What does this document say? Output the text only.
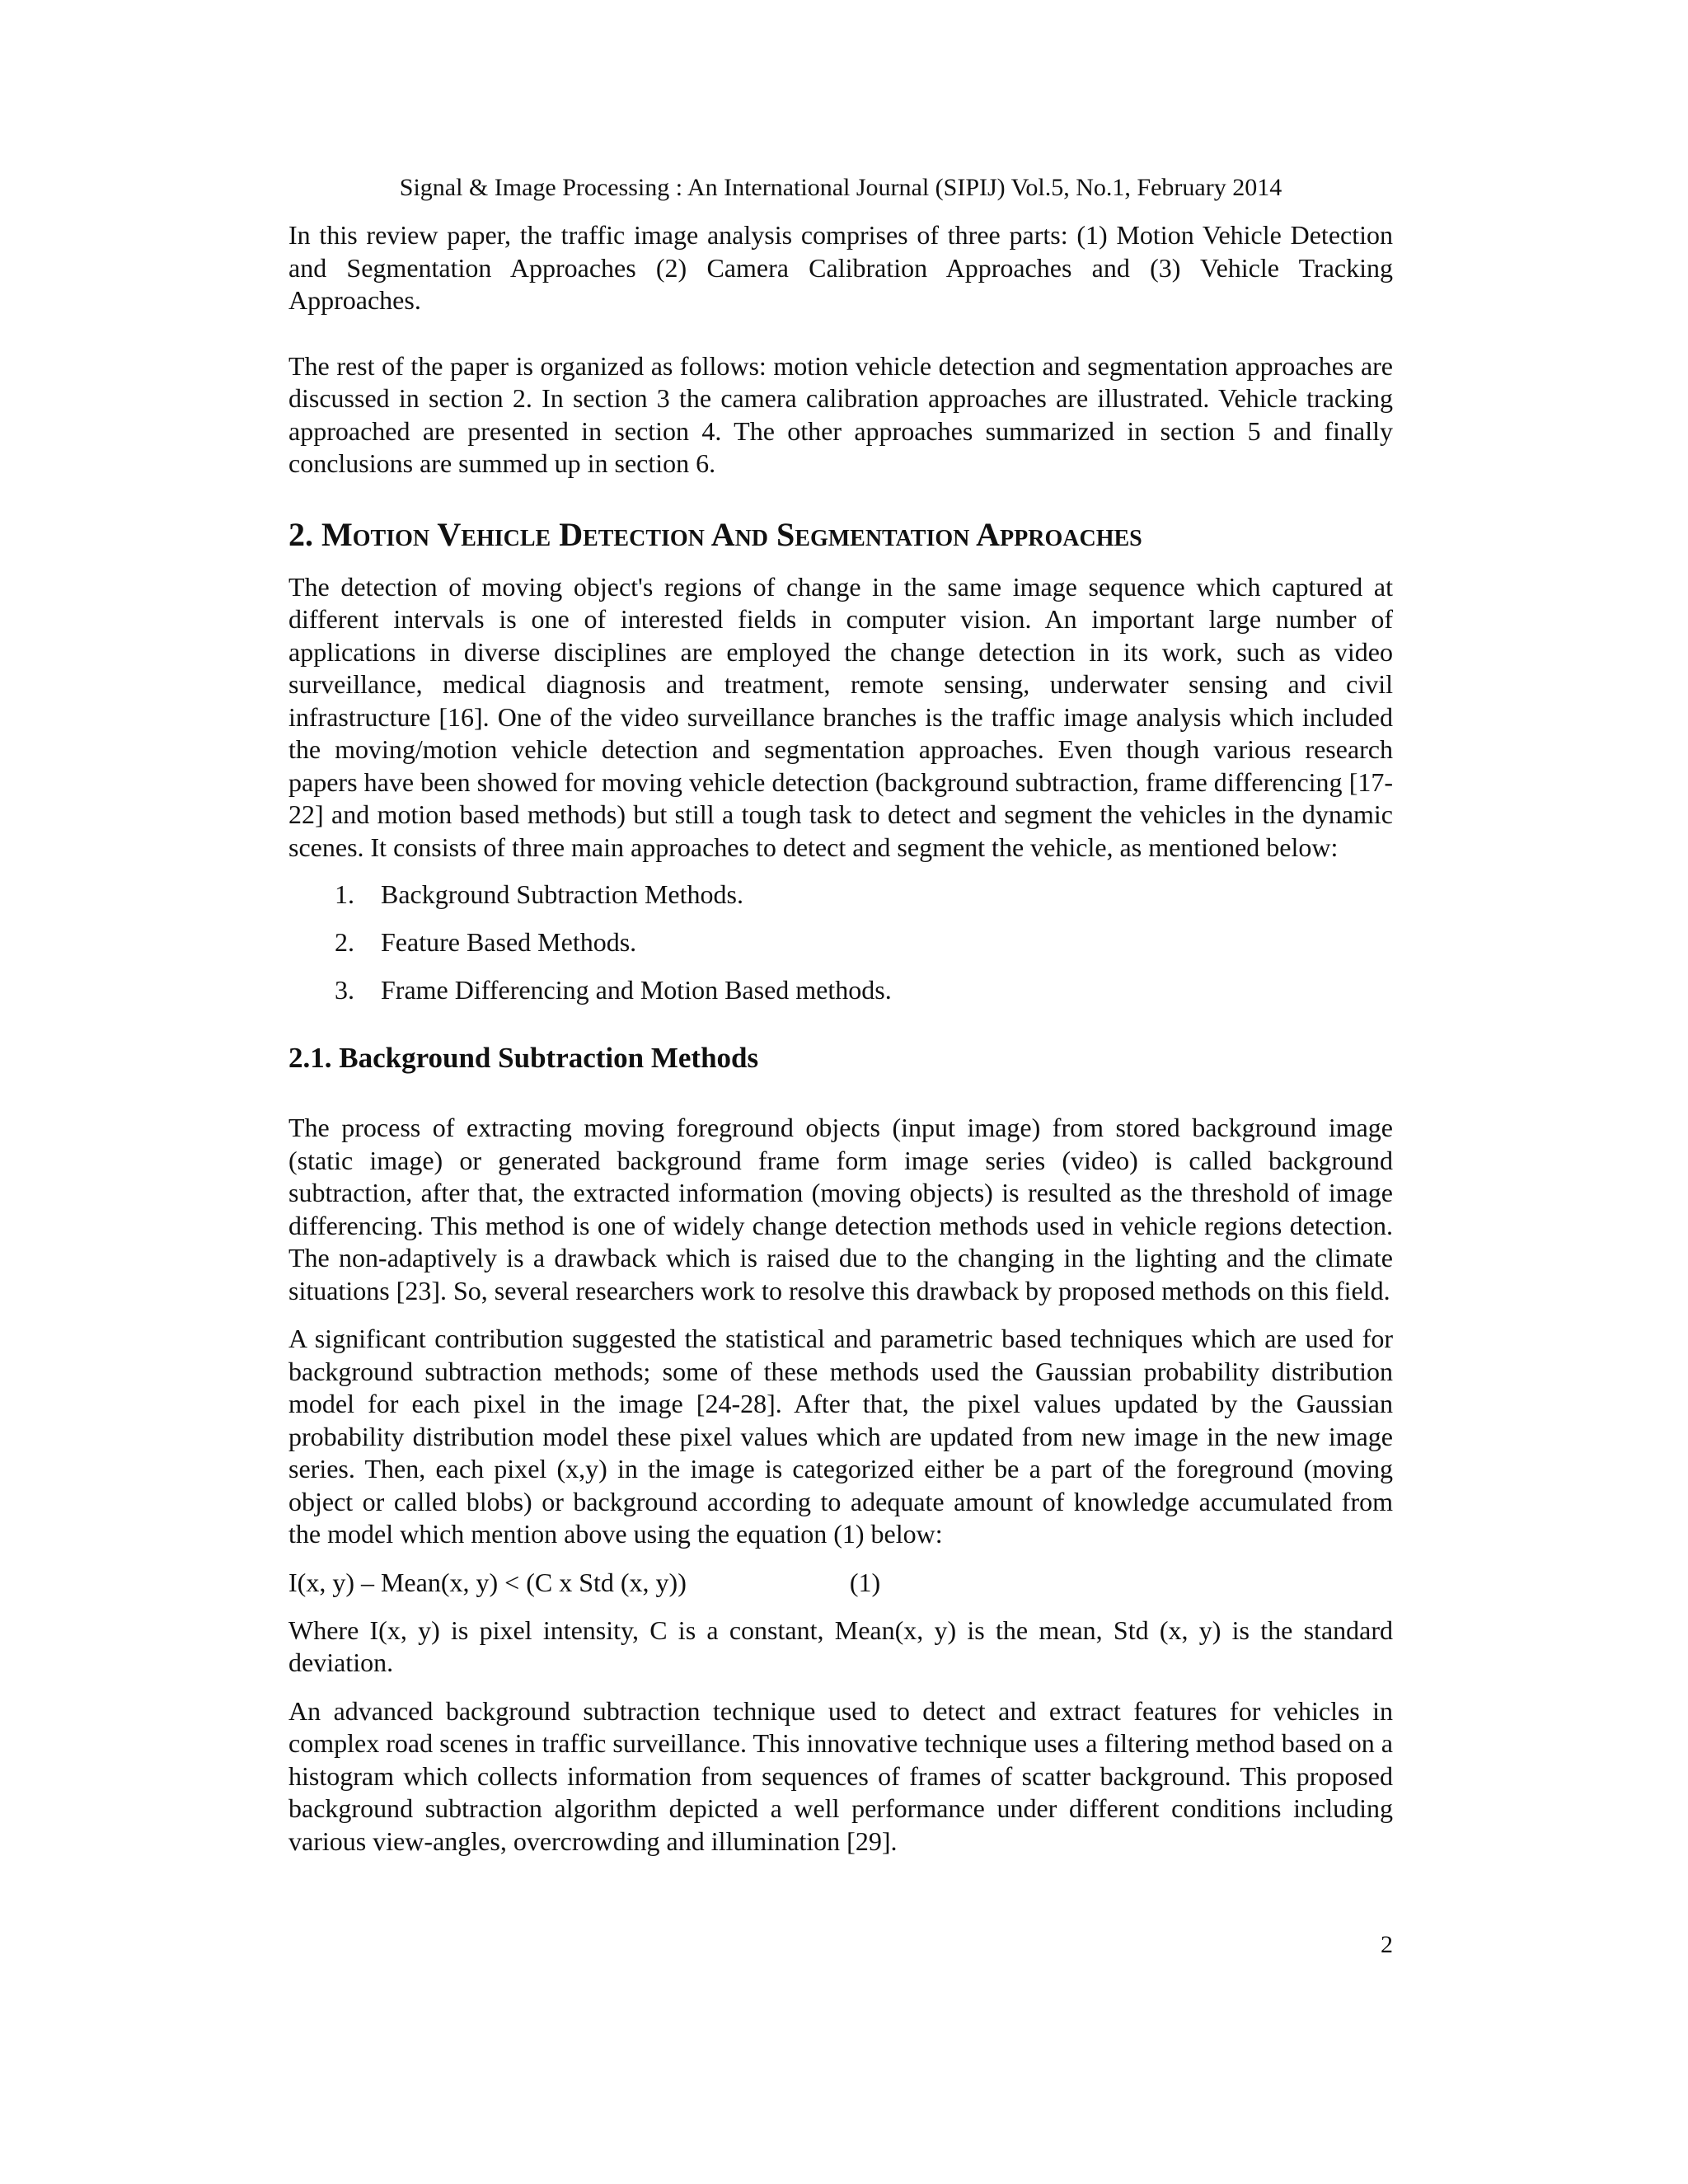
Signal & Image Processing : An International Journal (SIPIJ) Vol.5, No.1, February 2014

In this review paper, the traffic image analysis comprises of three parts: (1) Motion Vehicle Detection and Segmentation Approaches (2) Camera Calibration Approaches and (3) Vehicle Tracking Approaches.

The rest of the paper is organized as follows: motion vehicle detection and segmentation approaches are discussed in section 2. In section 3 the camera calibration approaches are illustrated. Vehicle tracking approached are presented in section 4. The other approaches summarized in section 5 and finally conclusions are summed up in section 6.

2. Motion Vehicle Detection And Segmentation Approaches

The detection of moving object's regions of change in the same image sequence which captured at different intervals is one of interested fields in computer vision. An important large number of applications in diverse disciplines are employed the change detection in its work, such as video surveillance, medical diagnosis and treatment, remote sensing, underwater sensing and civil infrastructure [16]. One of the video surveillance branches is the traffic image analysis which included the moving/motion vehicle detection and segmentation approaches. Even though various research papers have been showed for moving vehicle detection (background subtraction, frame differencing [17-22] and motion based methods) but still a tough task to detect and segment the vehicles in the dynamic scenes. It consists of three main approaches to detect and segment the vehicle, as mentioned below:

1.	Background Subtraction Methods.
2.	Feature Based Methods.
3.	Frame Differencing and Motion Based methods.
2.1. Background Subtraction Methods

The process of extracting moving foreground objects (input image) from stored background image (static image) or generated background frame form image series (video) is called background subtraction, after that, the extracted information (moving objects) is resulted as the threshold of image differencing. This method is one of widely change detection methods used in vehicle regions detection. The non-adaptively is a drawback which is raised due to the changing in the lighting and the climate situations [23]. So, several researchers work to resolve this drawback by proposed methods on this field.

A significant contribution suggested the statistical and parametric based techniques which are used for background subtraction methods; some of these methods used the Gaussian probability distribution model for each pixel in the image [24-28]. After that, the pixel values updated by the Gaussian probability distribution model these pixel values which are updated from new image in the new image series. Then, each pixel (x,y) in the image is categorized either be a part of the foreground (moving object or called blobs) or background according to adequate amount of knowledge accumulated from the model which mention above using the equation (1) below:

I(x, y) – Mean(x, y) < (C x Std (x, y))	(1)

Where I(x, y) is pixel intensity, C is a constant, Mean(x, y) is the mean, Std (x, y) is the standard deviation.

An advanced background subtraction technique used to detect and extract features for vehicles in complex road scenes in traffic surveillance. This innovative technique uses a filtering method based on a histogram which collects information from sequences of frames of scatter background. This proposed background subtraction algorithm depicted a well performance under different conditions including various view-angles, overcrowding and illumination [29].

2
